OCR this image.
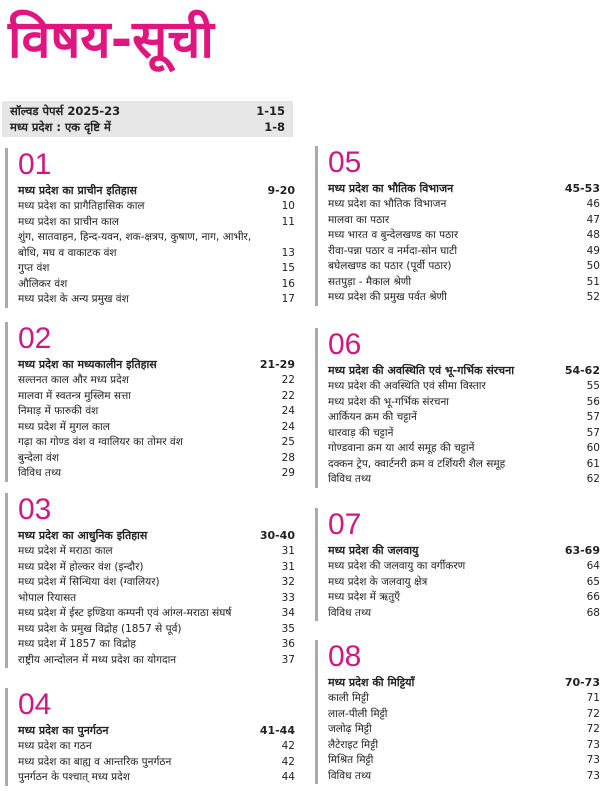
विषय-सूची
सॉल्वड पेपर्स 2025-23	1-15
मध्य प्रदेश : एक दृष्टि में	1-8
01
मध्य प्रदेश का प्राचीन इतिहास	9-20
मध्य प्रदेश का प्रागैतिहासिक काल	10
मध्य प्रदेश का प्राचीन काल	11
शुंग, सातवाहन, हिन्द-यवन, शक-क्षत्रप, कुषाण, नाग, आभीर, बोधि, मघ व वाकाटक वंश	13
गुप्त वंश	15
औलिकर वंश	16
मध्य प्रदेश के अन्य प्रमुख वंश	17
02
मध्य प्रदेश का मध्यकालीन इतिहास	21-29
सल्तनत काल और मध्य प्रदेश	22
मालवा में स्वतन्त्र मुस्लिम सत्ता	22
निमाड़ में फारुकी वंश	24
मध्य प्रदेश में मुगल काल	24
गढ़ा का गोण्ड वंश व ग्वालियर का तोमर वंश	25
बुन्देला वंश	28
विविध तथ्य	29
03
मध्य प्रदेश का आधुनिक इतिहास	30-40
मध्य प्रदेश में मराठा काल	31
मध्य प्रदेश में होल्कर वंश (इन्दौर)	31
मध्य प्रदेश में सिन्धिया वंश (ग्वालियर)	32
भोपाल रियासत	33
मध्य प्रदेश में ईस्ट इण्डिया कम्पनी एवं आंग्ल-मराठा संघर्ष	34
मध्य प्रदेश के प्रमुख विद्रोह (1857 से पूर्व)	35
मध्य प्रदेश में 1857 का विद्रोह	36
राष्ट्रीय आन्दोलन में मध्य प्रदेश का योगदान	37
04
मध्य प्रदेश का पुनर्गठन	41-44
मध्य प्रदेश का गठन	42
मध्य प्रदेश का बाह्य व आन्तरिक पुनर्गठन	42
पुनर्गठन के पश्चात् मध्य प्रदेश	44
05
मध्य प्रदेश का भौतिक विभाजन	45-53
मध्य प्रदेश का भौतिक विभाजन	46
मालवा का पठार	47
मध्य भारत व बुन्देलखण्ड का पठार	48
रीवा-पन्ना पठार व नर्मदा-सोन घाटी	49
बघेलखण्ड का पठार (पूर्वी पठार)	50
सतपुड़ा - मैकाल श्रेणी	51
मध्य प्रदेश की प्रमुख पर्वत श्रेणी	52
06
मध्य प्रदेश की अवस्थिति एवं भू-गर्भिक संरचना	54-62
मध्य प्रदेश की अवस्थिति एवं सीमा विस्तार	55
मध्य प्रदेश की भू-गर्भिक संरचना	56
आर्कियन क्रम की चट्टानें	57
धारवाड़ की चट्टानें	57
गोण्डवाना क्रम या आर्य समूह की चट्टानें	60
दक्कन ट्रेप, क्वार्टनरी क्रम व टर्शियरी शैल समूह	61
विविध तथ्य	62
07
मध्य प्रदेश की जलवायु	63-69
मध्य प्रदेश की जलवायु का वर्गीकरण	64
मध्य प्रदेश के जलवायु क्षेत्र	65
मध्य प्रदेश में ऋतुएँ	66
विविध तथ्य	68
08
मध्य प्रदेश की मिट्टियाँ	70-73
काली मिट्टी	71
लाल-पीली मिट्टी	72
जलोढ़ मिट्टी	72
लैटेराइट मिट्टी	73
मिश्रित मिट्टी	73
विविध तथ्य	73
